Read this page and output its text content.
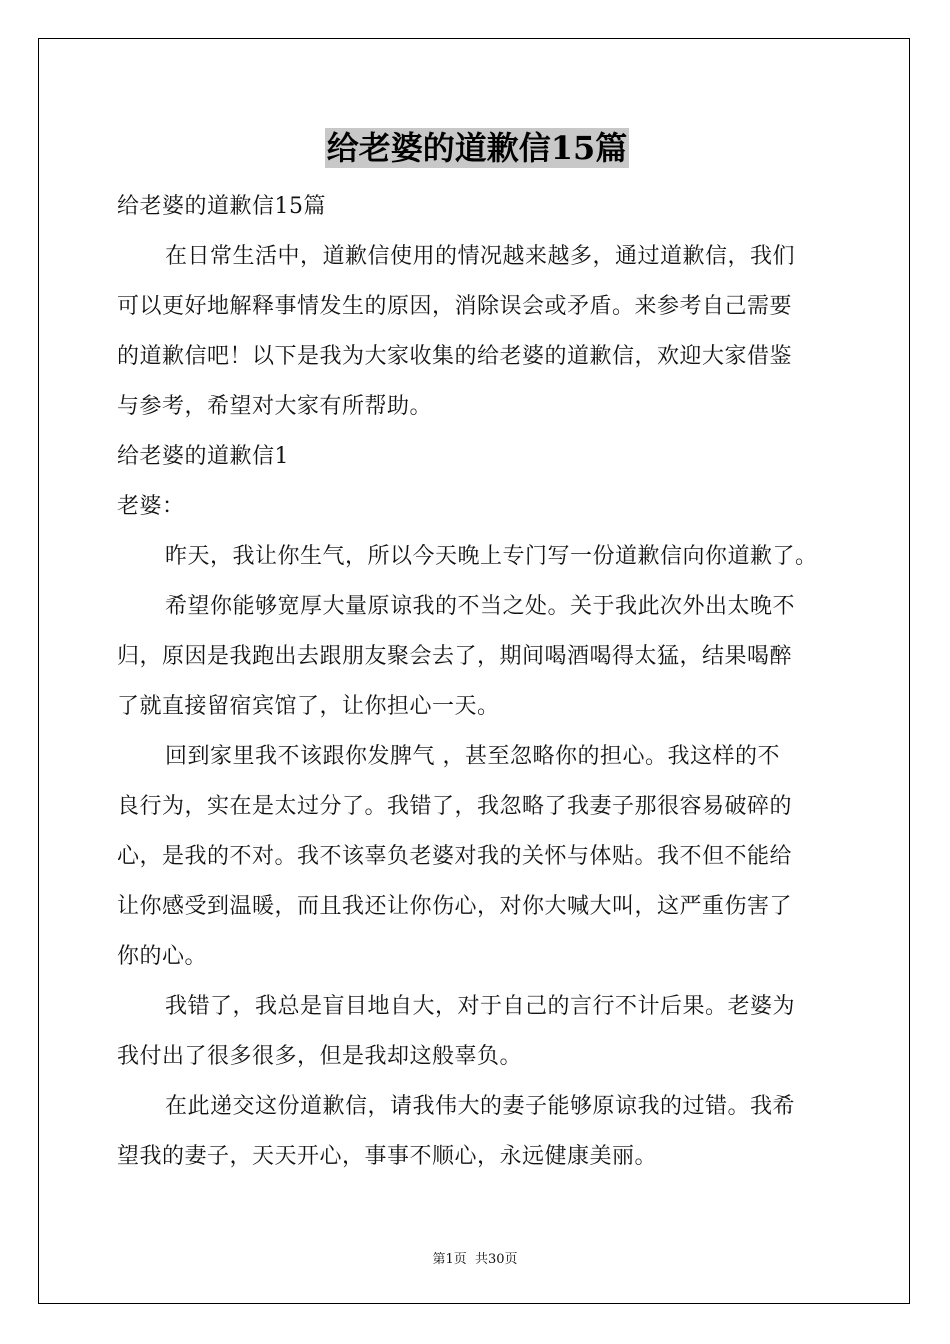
给老婆的道歉信15篇
给老婆的道歉信15篇
在日常生活中，道歉信使用的情况越来越多，通过道歉信，我们
可以更好地解释事情发生的原因，消除误会或矛盾。来参考自己需要
的道歉信吧！以下是我为大家收集的给老婆的道歉信，欢迎大家借鉴
与参考，希望对大家有所帮助。
给老婆的道歉信1
老婆：
昨天，我让你生气，所以今天晚上专门写一份道歉信向你道歉了。
希望你能够宽厚大量原谅我的不当之处。关于我此次外出太晚不
归，原因是我跑出去跟朋友聚会去了，期间喝酒喝得太猛，结果喝醉
了就直接留宿宾馆了，让你担心一天。
回到家里我不该跟你发脾气 ，甚至忽略你的担心。我这样的不
良行为，实在是太过分了。我错了，我忽略了我妻子那很容易破碎的
心，是我的不对。我不该辜负老婆对我的关怀与体贴。我不但不能给
让你感受到温暖，而且我还让你伤心，对你大喊大叫，这严重伤害了
你的心。
我错了，我总是盲目地自大，对于自己的言行不计后果。老婆为
我付出了很多很多，但是我却这般辜负。
在此递交这份道歉信，请我伟大的妻子能够原谅我的过错。我希
望我的妻子，天天开心，事事不顺心，永远健康美丽。
第1页 共30页
